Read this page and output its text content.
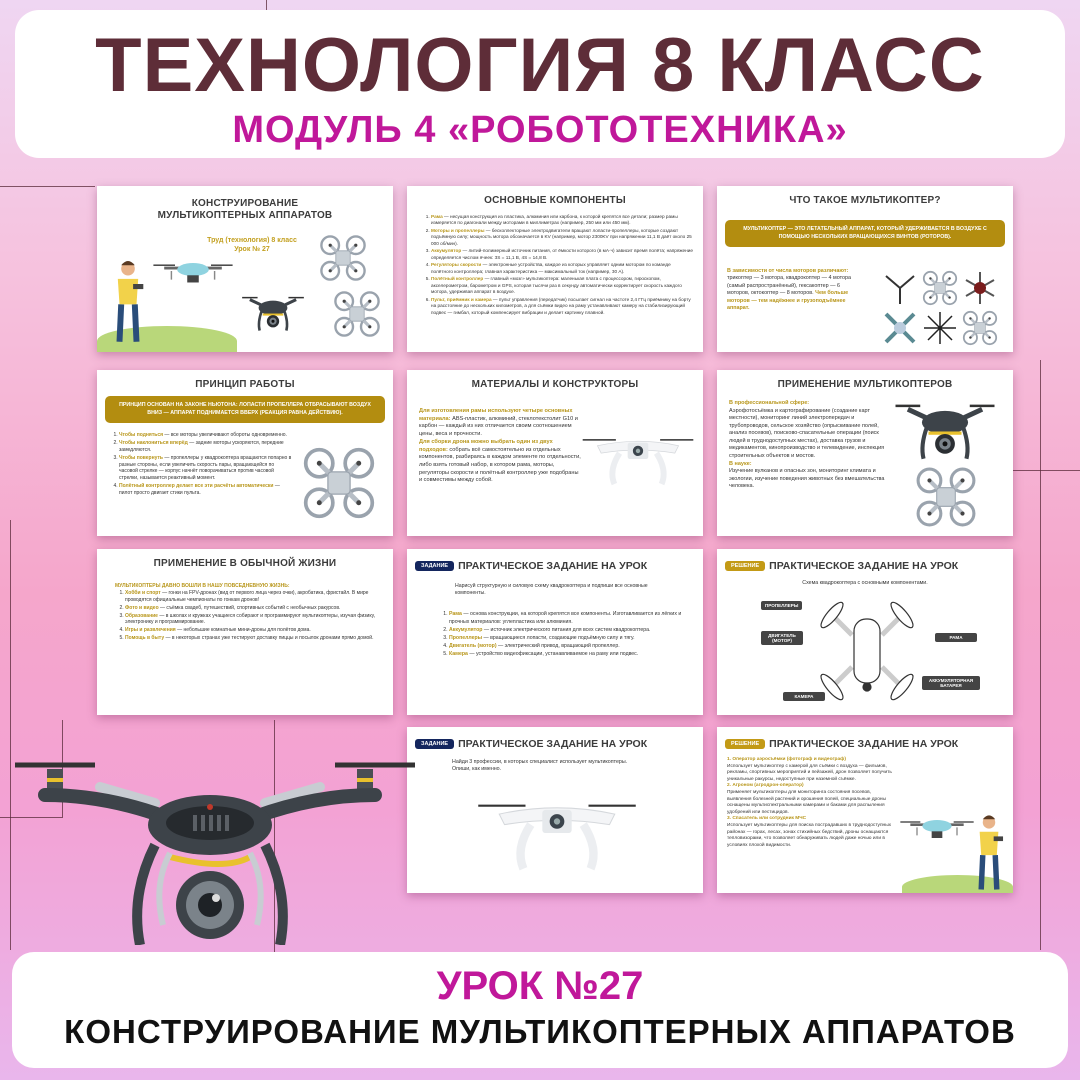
ТЕХНОЛОГИЯ 8 КЛАСС
МОДУЛЬ 4 «РОБОТОТЕХНИКА»
КОНСТРУИРОВАНИЕ
МУЛЬТИКОПТЕРНЫХ АППАРАТОВ
Труд (технология) 8 класс
Урок № 27
ОСНОВНЫЕ КОМПОНЕНТЫ
1. Рама — несущая конструкция из пластика, алюминия или карбона, к которой крепятся все детали; размер рамы измеряется по диагонали между моторами в миллиметрах (например, 250 мм или 450 мм).
2. Моторы и пропеллеры — бесколлекторные электродвигатели вращают лопасти-пропеллеры, которые создают подъёмную силу; мощность мотора обозначается в KV (например, мотор 2300KV при напряжении 11,1 В даёт около 25 000 об/мин).
3. Аккумулятор — литий-полимерный источник питания, от ёмкости которого (в мА·ч) зависит время полёта; напряжение определяется числом ячеек: 3S = 11,1 В, 4S = 14,8 В.
4. Регуляторы скорости — электронные устройства, каждое из которых управляет одним мотором по команде полётного контроллера; главная характеристика — максимальный ток (например, 30 А).
5. Полётный контроллер — главный «мозг» мультикоптера: маленькая плата с процессором, гироскопом, акселерометром, барометром и GPS, которая тысячи раз в секунду автоматически корректирует скорость каждого мотора, удерживая аппарат в воздухе.
6. Пульт, приёмник и камера — пульт управления (передатчик) посылает сигнал на частоте 2,4 ГГц приёмнику на борту на расстояние до нескольких километров, а для съёмки видео на раму устанавливают камеру на стабилизирующий подвес — гимбал, который компенсирует вибрации и делает картинку плавной.
ЧТО ТАКОЕ МУЛЬТИКОПТЕР?
МУЛЬТИКОПТЕР — ЭТО ЛЕТАТЕЛЬНЫЙ АППАРАТ, КОТОРЫЙ УДЕРЖИВАЕТСЯ В ВОЗДУХЕ С ПОМОЩЬЮ НЕСКОЛЬКИХ ВРАЩАЮЩИХСЯ ВИНТОВ (РОТОРОВ).
В зависимости от числа моторов различают: трикоптер — 3 мотора, квадрокоптер — 4 мотора (самый распространённый), гексакоптер — 6 моторов, октокоптер — 8 моторов. Чем больше моторов — тем надёжнее и грузоподъёмнее аппарат.
ПРИНЦИП РАБОТЫ
ПРИНЦИП ОСНОВАН НА ЗАКОНЕ НЬЮТОНА: ЛОПАСТИ ПРОПЕЛЛЕРА ОТБРАСЫВАЮТ ВОЗДУХ ВНИЗ — АППАРАТ ПОДНИМАЕТСЯ ВВЕРХ (РЕАКЦИЯ РАВНА ДЕЙСТВИЮ).
1. Чтобы подняться — все моторы увеличивают обороты одновременно.
2. Чтобы наклониться вперёд — задние моторы ускоряются, передние замедляются.
3. Чтобы повернуть — пропеллеры у квадрокоптера вращаются попарно в разные стороны, если увеличить скорость пары, вращающейся по часовой стрелке — корпус начнёт поворачиваться против часовой стрелки, называется реактивный момент.
4. Полётный контроллер делает все эти расчёты автоматически — пилот просто двигает стики пульта.
МАТЕРИАЛЫ И КОНСТРУКТОРЫ
Для изготовления рамы используют четыре основных материала: ABS-пластик, алюминий, стеклотекстолит G10 и карбон — каждый из них отличается своим соотношением цены, веса и прочности.
Для сборки дрона можно выбрать один из двух подходов: собрать всё самостоятельно из отдельных компонентов, разбираясь в каждом элементе по отдельности, либо взять готовый набор, в котором рама, моторы, регуляторы скорости и полётный контроллер уже подобраны и совместимы между собой.
ПРИМЕНЕНИЕ МУЛЬТИКОПТЕРОВ
В профессиональной сфере:
Аэрофотосъёмка и картографирование (создание карт местности), мониторинг линий электропередач и трубопроводов, сельское хозяйство (опрыскивание полей, анализ посевов), поисково-спасательные операции (поиск людей в труднодоступных местах), доставка грузов и медикаментов, кинопроизводство и телевидение, инспекция строительных объектов и мостов.
В науке:
Изучение вулканов и опасных зон, мониторинг климата и экологии, изучение поведения животных без вмешательства человека.
ПРИМЕНЕНИЕ В ОБЫЧНОЙ ЖИЗНИ
МУЛЬТИКОПТЕРЫ ДАВНО ВОШЛИ В НАШУ ПОВСЕДНЕВНУЮ ЖИЗНЬ:
1. Хобби и спорт — гонки на FPV-дронах (вид от первого лица через очки), акробатика, фристайл. В мире проводятся официальные чемпионаты по гонкам дронов!
2. Фото и видео — съёмка свадеб, путешествий, спортивных событий с необычных ракурсов.
3. Образование — в школах и кружках учащиеся собирают и программируют мультикоптеры, изучая физику, электронику и программирование.
4. Игры и развлечения — небольшие комнатные мини-дроны для полётов дома.
5. Помощь в быту — в некоторых странах уже тестируют доставку пиццы и посылок дронами прямо домой.
ЗАДАНИЕ ПРАКТИЧЕСКОЕ ЗАДАНИЕ НА УРОК
Нарисуй структурную и силовую схему квадрокоптера и подпиши все основные компоненты.
1. Рама — основа конструкции, на которой крепятся все компоненты. Изготавливается из лёгких и прочных материалов: углепластика или алюминия.
2. Аккумулятор — источник электрического питания для всех систем квадрокоптера.
3. Пропеллеры — вращающиеся лопасти, создающие подъёмную силу и тягу.
4. Двигатель (мотор) — электрический привод, вращающий пропеллер.
5. Камера — устройство видеофиксации, устанавливаемое на раму или подвес.
РЕШЕНИЕ ПРАКТИЧЕСКОЕ ЗАДАНИЕ НА УРОК
Схема квадрокоптера с основными компонентами.
ПРОПЕЛЛЕРЫ
ДВИГАТЕЛЬ (МОТОР)
РАМА
АККУМУЛЯТОРНАЯ БАТАРЕЯ
КАМЕРА
ЗАДАНИЕ ПРАКТИЧЕСКОЕ ЗАДАНИЕ НА УРОК
Найди 3 профессии, в которых специалист использует мультикоптеры. Опиши, как именно.
РЕШЕНИЕ ПРАКТИЧЕСКОЕ ЗАДАНИЕ НА УРОК
1. Оператор аэросъёмки (фотограф и видеограф)
Использует мультикоптер с камерой для съёмки с воздуха — фильмов, рекламы, спортивных мероприятий и пейзажей, дрон позволяет получить уникальные ракурсы, недоступные при наземной съёмке.
2. Агроном (агродрон-оператор)
Применяет мультикоптеры для мониторинга состояния посевов, выявления болезней растений и орошения полей, специальные дроны оснащены мультиспектральными камерами и баками для распыления удобрений или пестицидов.
3. Спасатель или сотрудник МЧС
Использует мультикоптеры для поиска пострадавших в труднодоступных районах — горах, лесах, зонах стихийных бедствий, дроны оснащаются тепловизорами, что позволяет обнаруживать людей даже ночью или в условиях плохой видимости.
УРОК №27
КОНСТРУИРОВАНИЕ МУЛЬТИКОПТЕРНЫХ АППАРАТОВ
